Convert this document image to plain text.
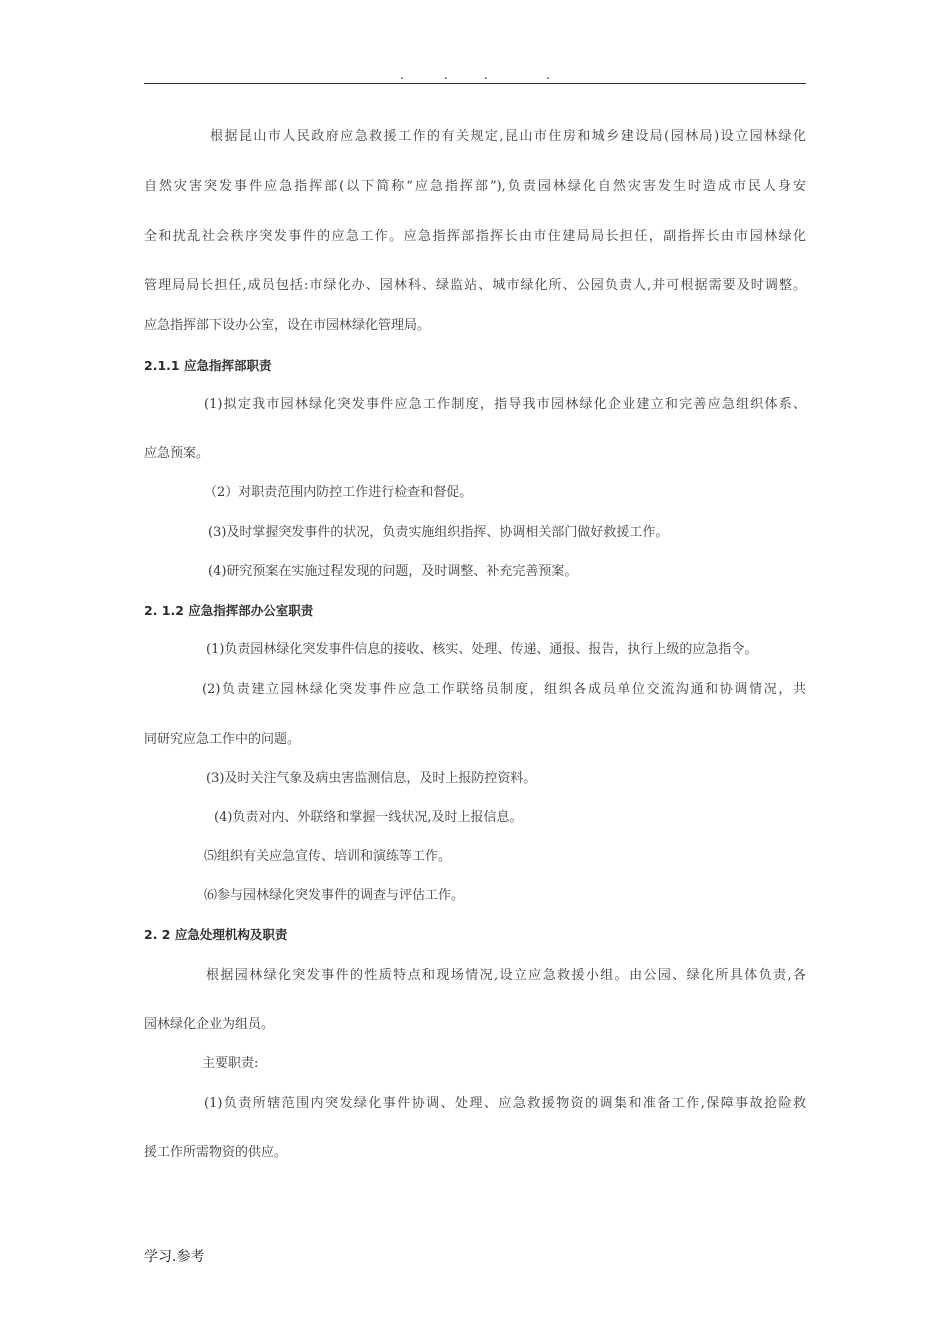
.	.	.	.
根据昆山市人民政府应急救援工作的有关规定,昆山市住房和城乡建设局(园林局)设立园林绿化
自然灾害突发事件应急指挥部(以下简称“应急指挥部”),负责园林绿化自然灾害发生时造成市民人身安
全和扰乱社会秩序突发事件的应急工作。应急指挥部指挥长由市住建局局长担任，副指挥长由市园林绿化
管理局局长担任,成员包括:市绿化办、园林科、绿监站、城市绿化所、公园负责人,并可根据需要及时调整。
应急指挥部下设办公室，设在市园林绿化管理局。
2.1.1 应急指挥部职责
(1)拟定我市园林绿化突发事件应急工作制度，指导我市园林绿化企业建立和完善应急组织体系、
应急预案。
（2）对职责范围内防控工作进行检查和督促。
(3)及时掌握突发事件的状况，负责实施组织指挥、协调相关部门做好救援工作。
(4)研究预案在实施过程发现的问题，及时调整、补充完善预案。
2. 1.2 应急指挥部办公室职责
(1)负责园林绿化突发事件信息的接收、核实、处理、传递、通报、报告，执行上级的应急指令。
(2)负责建立园林绿化突发事件应急工作联络员制度，组织各成员单位交流沟通和协调情况，共
同研究应急工作中的问题。
(3)及时关注气象及病虫害监测信息，及时上报防控资料。
(4)负责对内、外联络和掌握一线状况,及时上报信息。
⑸组织有关应急宣传、培训和演练等工作。
⑹参与园林绿化突发事件的调查与评估工作。
2. 2 应急处理机构及职责
根据园林绿化突发事件的性质特点和现场情况,设立应急救援小组。由公园、绿化所具体负责,各
园林绿化企业为组员。
主要职责:
(1)负责所辖范围内突发绿化事件协调、处理、应急救援物资的调集和准备工作,保障事故抢险救
援工作所需物资的供应。
学习.参考
